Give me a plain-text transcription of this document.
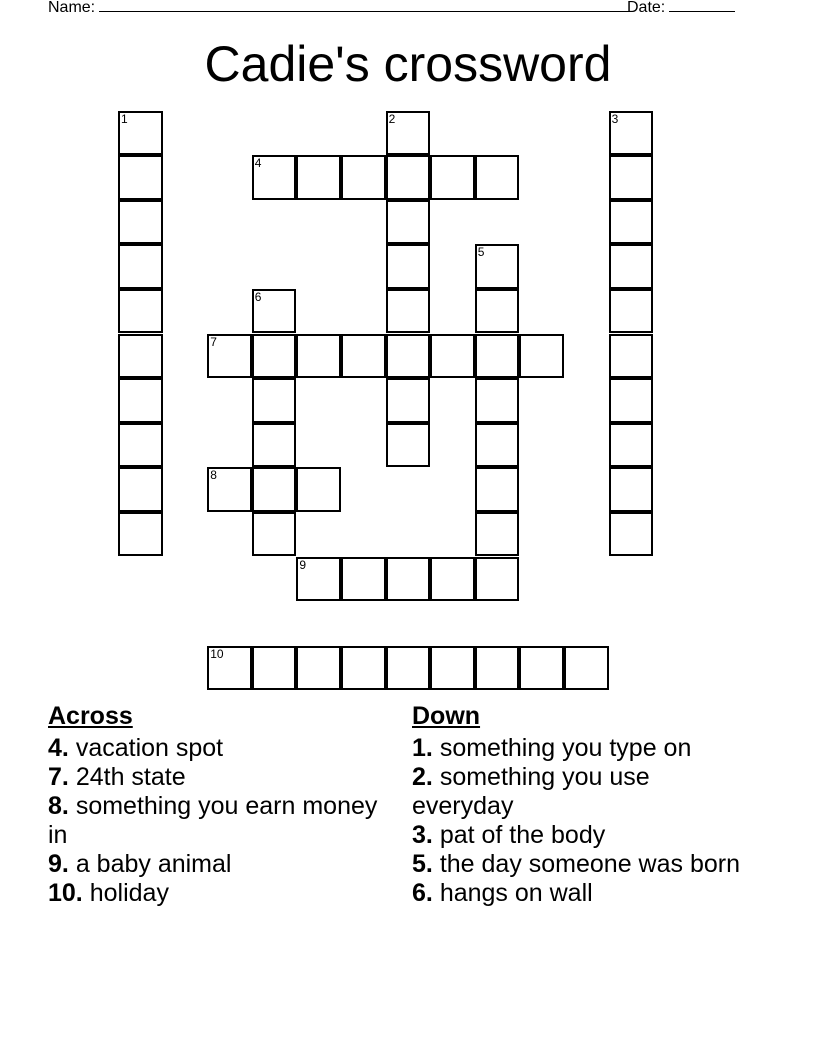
Name:	Date:
Cadie's crossword
1	2	3
4
5
6
7
8
9
10
Across

4. vacation spot

7. 24th state

8. something you earn money in

9. a baby animal

10. holiday

Down

1. something you type on

2. something you use everyday

3. pat of the body

5. the day someone was born

6. hangs on wall
